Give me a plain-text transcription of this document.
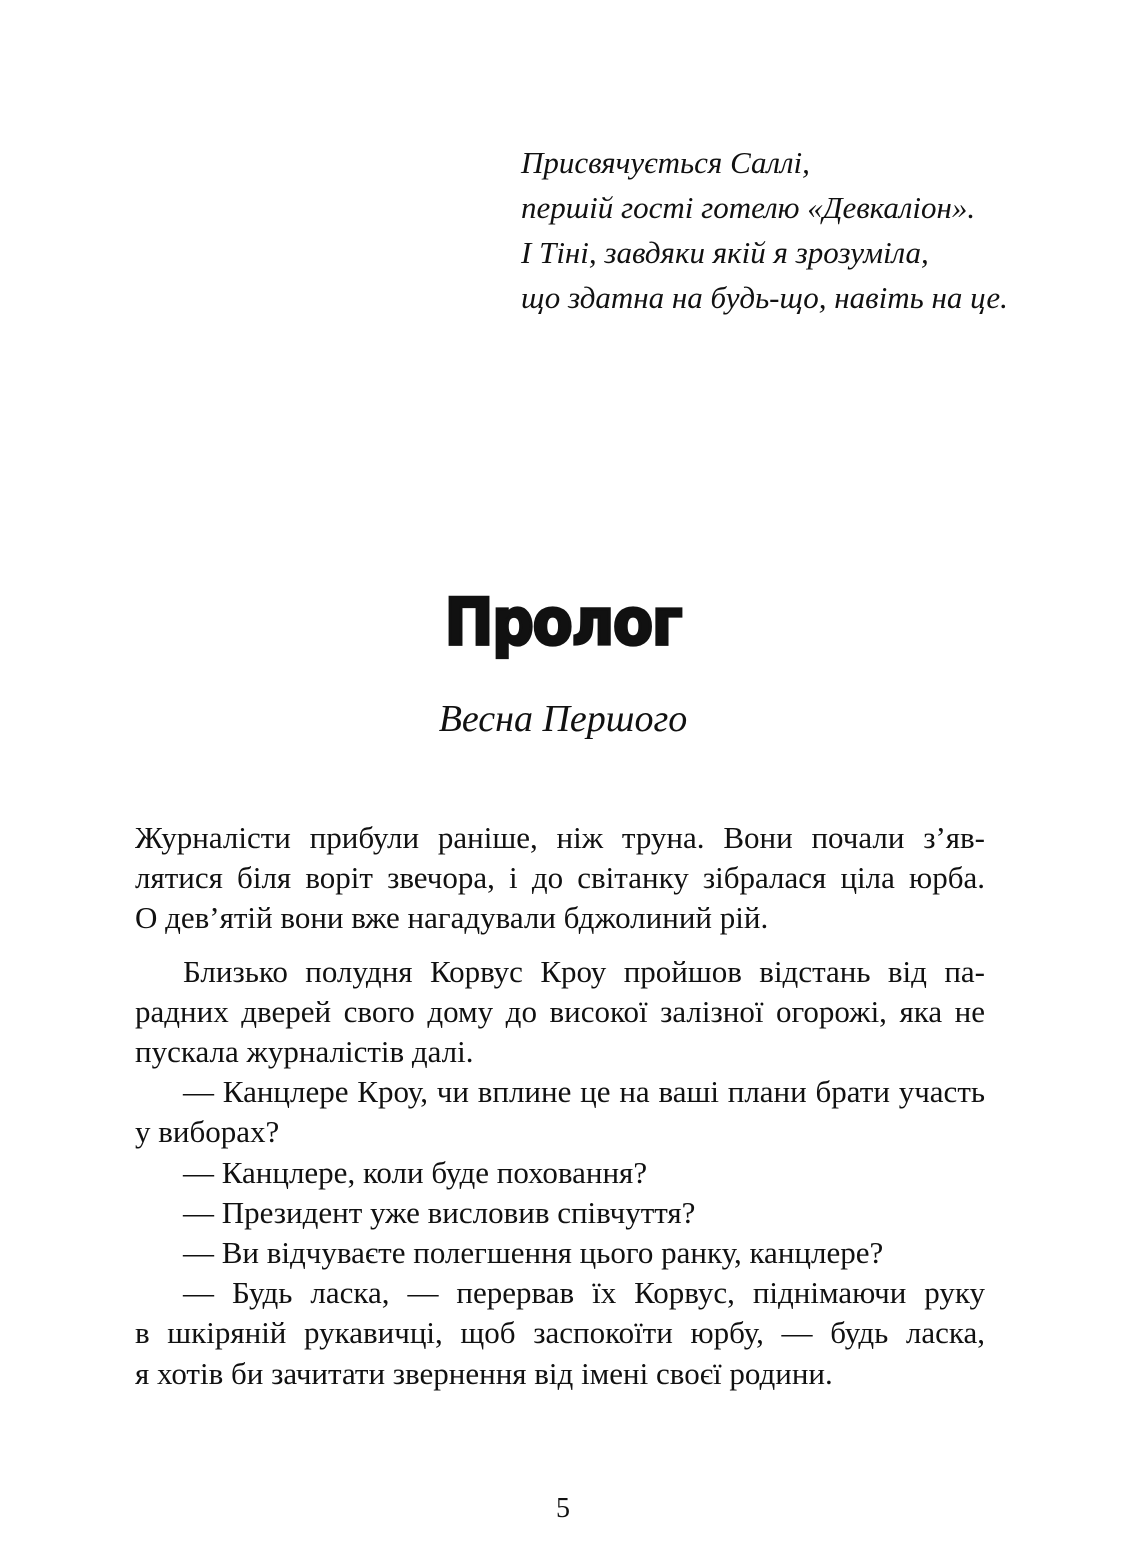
Присвячується Саллі,
першій гості готелю «Девкаліон».
І Тіні, завдяки якій я зрозуміла,
що здатна на будь-що, навіть на це.
Пролог
Весна Першого
Журналісти прибули раніше, ніж труна. Вони почали з’яв-
лятися біля воріт звечора, і до світанку зібралася ціла юрба.
О дев’ятій вони вже нагадували бджолиний рій.
Близько полудня Корвус Кроу пройшов відстань від па-
радних дверей свого дому до високої залізної огорожі, яка не
пускала журналістів далі.
— Канцлере Кроу, чи вплине це на ваші плани брати участь
у виборах?
— Канцлере, коли буде поховання?
— Президент уже висловив співчуття?
— Ви відчуваєте полегшення цього ранку, канцлере?
— Будь ласка, — перервав їх Корвус, піднімаючи руку
в шкіряній рукавичці, щоб заспокоїти юрбу, — будь ласка,
я хотів би зачитати звернення від імені своєї родини.
5
